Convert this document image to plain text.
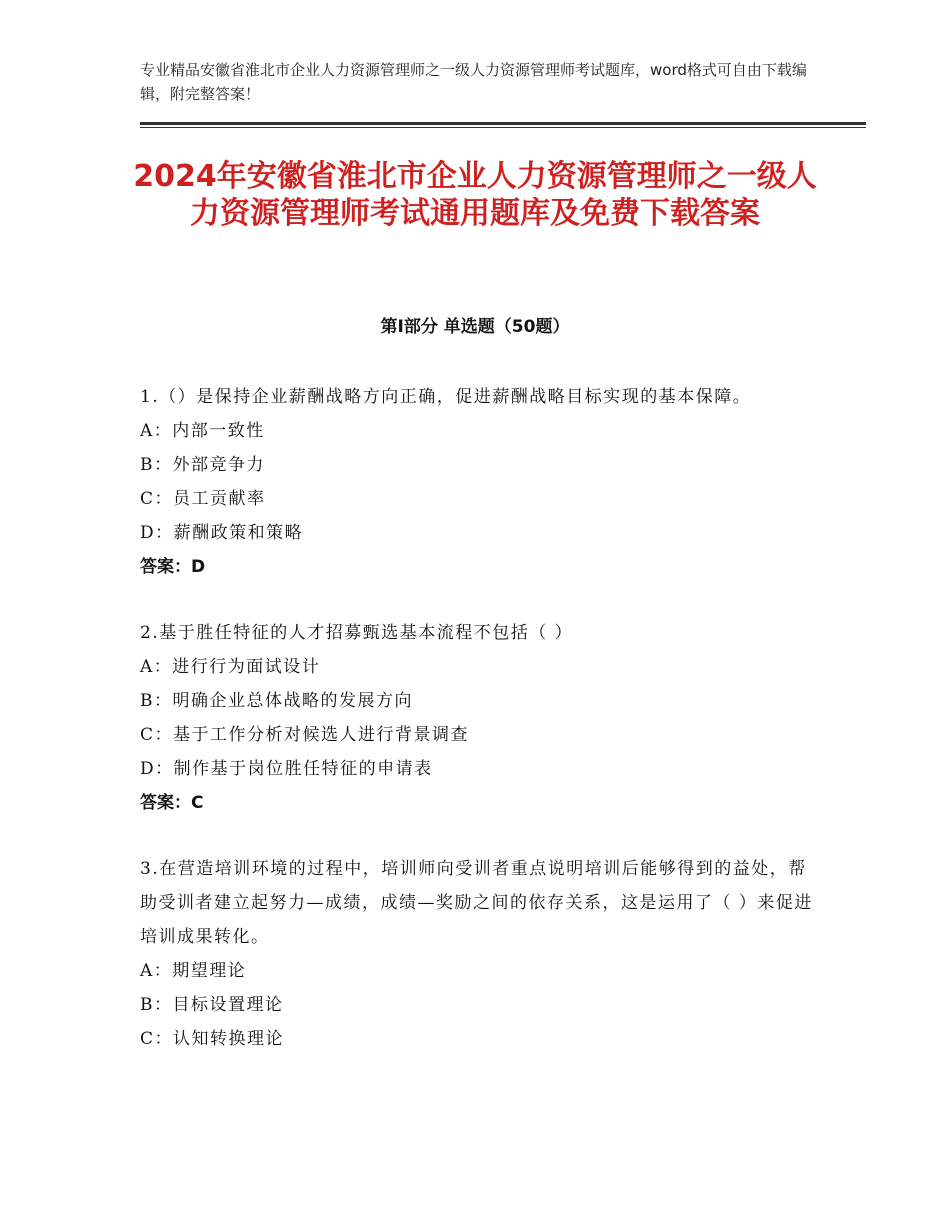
专业精品安徽省淮北市企业人力资源管理师之一级人力资源管理师考试题库，word格式可自由下载编辑，附完整答案！
2024年安徽省淮北市企业人力资源管理师之一级人力资源管理师考试通用题库及免费下载答案
第Ⅰ部分 单选题（50题）
1.（）是保持企业薪酬战略方向正确，促进薪酬战略目标实现的基本保障。
A：内部一致性
B：外部竞争力
C：员工贡献率
D：薪酬政策和策略
答案：D
2.基于胜任特征的人才招募甄选基本流程不包括（ ）
A：进行行为面试设计
B：明确企业总体战略的发展方向
C：基于工作分析对候选人进行背景调查
D：制作基于岗位胜任特征的申请表
答案：C
3.在营造培训环境的过程中，培训师向受训者重点说明培训后能够得到的益处，帮助受训者建立起努力—成绩，成绩—奖励之间的依存关系，这是运用了（ ）来促进培训成果转化。
A：期望理论
B：目标设置理论
C：认知转换理论
